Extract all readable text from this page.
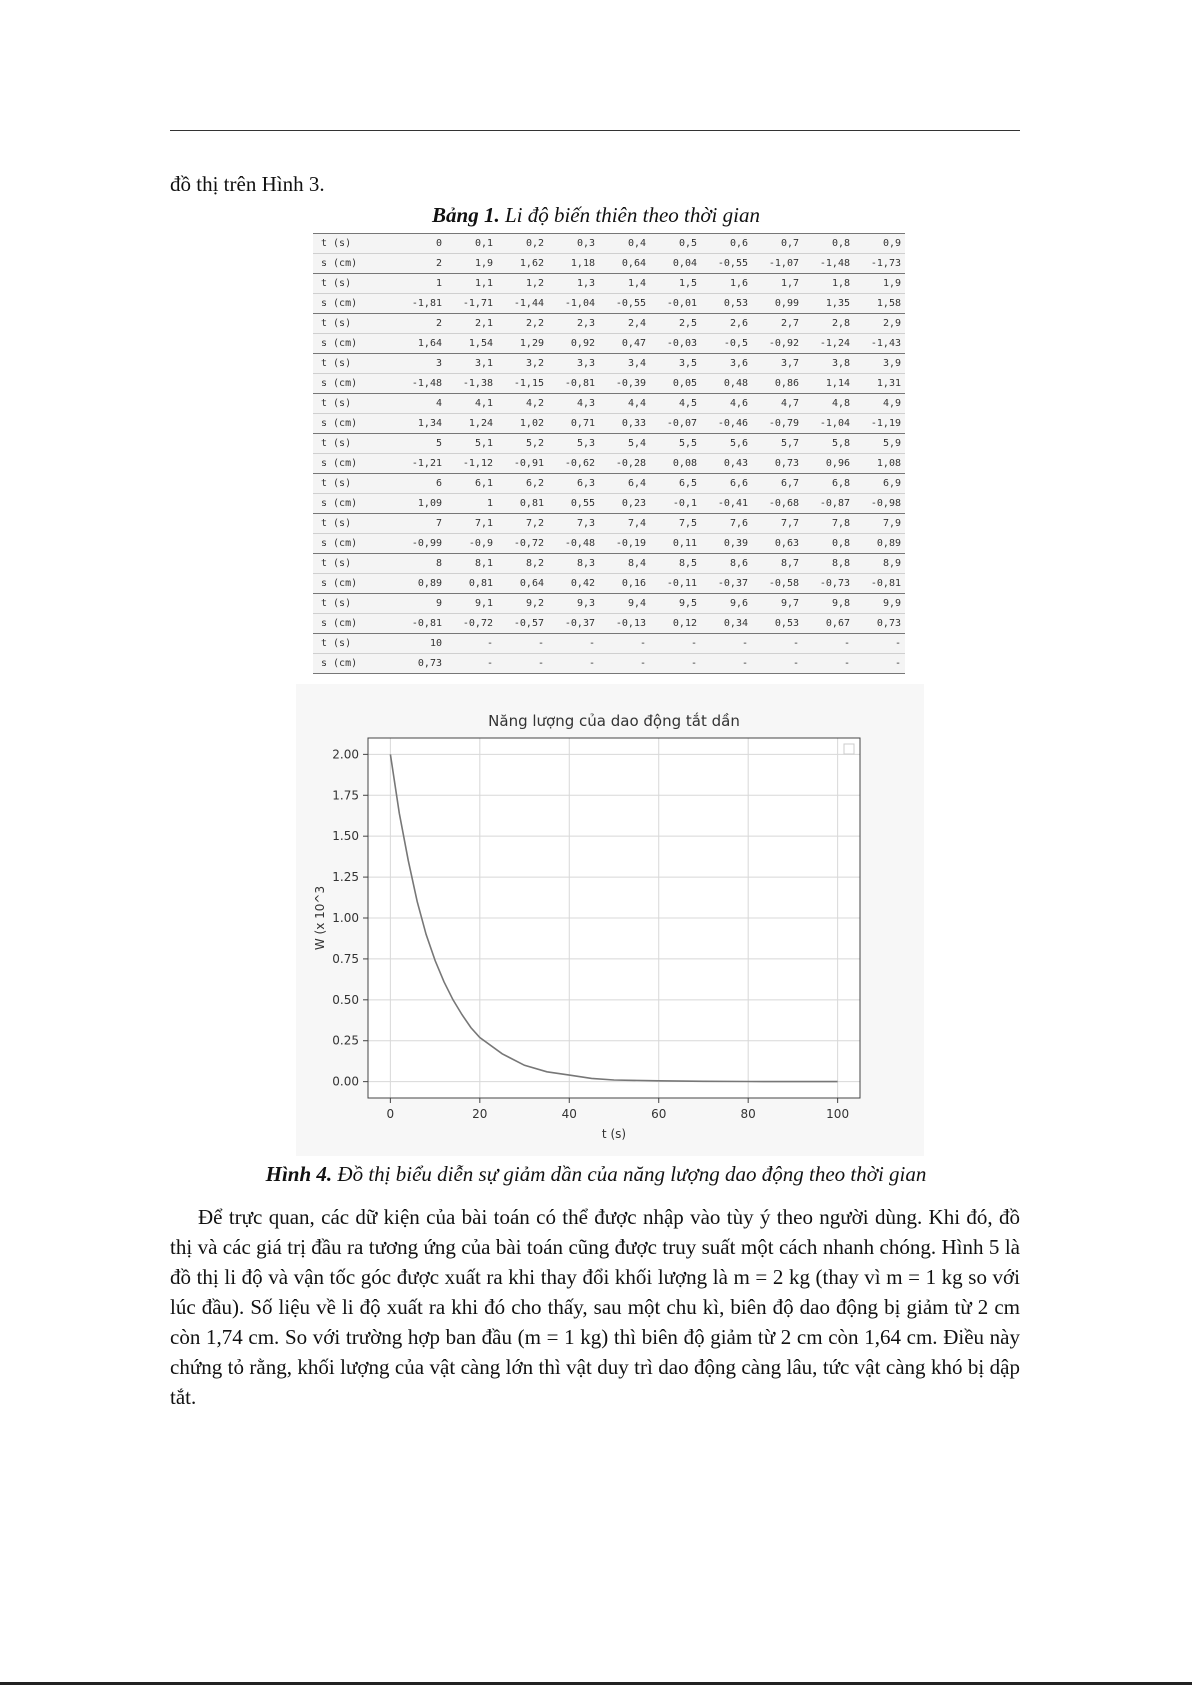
đồ thị trên Hình 3.
Bảng 1. Li độ biến thiên theo thời gian
t (s)	0	0,1	0,2	0,3	0,4	0,5	0,6	0,7	0,8	0,9
s (cm)	2	1,9	1,62	1,18	0,64	0,04	-0,55	-1,07	-1,48	-1,73
t (s)	1	1,1	1,2	1,3	1,4	1,5	1,6	1,7	1,8	1,9
s (cm)	-1,81	-1,71	-1,44	-1,04	-0,55	-0,01	0,53	0,99	1,35	1,58
t (s)	2	2,1	2,2	2,3	2,4	2,5	2,6	2,7	2,8	2,9
s (cm)	1,64	1,54	1,29	0,92	0,47	-0,03	-0,5	-0,92	-1,24	-1,43
t (s)	3	3,1	3,2	3,3	3,4	3,5	3,6	3,7	3,8	3,9
s (cm)	-1,48	-1,38	-1,15	-0,81	-0,39	0,05	0,48	0,86	1,14	1,31
t (s)	4	4,1	4,2	4,3	4,4	4,5	4,6	4,7	4,8	4,9
s (cm)	1,34	1,24	1,02	0,71	0,33	-0,07	-0,46	-0,79	-1,04	-1,19
t (s)	5	5,1	5,2	5,3	5,4	5,5	5,6	5,7	5,8	5,9
s (cm)	-1,21	-1,12	-0,91	-0,62	-0,28	0,08	0,43	0,73	0,96	1,08
t (s)	6	6,1	6,2	6,3	6,4	6,5	6,6	6,7	6,8	6,9
s (cm)	1,09	1	0,81	0,55	0,23	-0,1	-0,41	-0,68	-0,87	-0,98
t (s)	7	7,1	7,2	7,3	7,4	7,5	7,6	7,7	7,8	7,9
s (cm)	-0,99	-0,9	-0,72	-0,48	-0,19	0,11	0,39	0,63	0,8	0,89
t (s)	8	8,1	8,2	8,3	8,4	8,5	8,6	8,7	8,8	8,9
s (cm)	0,89	0,81	0,64	0,42	0,16	-0,11	-0,37	-0,58	-0,73	-0,81
t (s)	9	9,1	9,2	9,3	9,4	9,5	9,6	9,7	9,8	9,9
s (cm)	-0,81	-0,72	-0,57	-0,37	-0,13	0,12	0,34	0,53	0,67	0,73
t (s)	10	-	-	-	-	-	-	-	-	-
s (cm)	0,73	-	-	-	-	-	-	-	-	-
0	20	40	60	80	100
0.00
0.25
0.50
0.75
1.00
1.25
1.50
1.75
2.00
Năng lượng của dao động tắt dần
t (s)
W (x 10^3
Hình 4. Đồ thị biểu diễn sự giảm dần của năng lượng dao động theo thời gian

Để trực quan, các dữ kiện của bài toán có thể được nhập vào tùy ý theo người dùng. Khi đó, đồ thị và các giá trị đầu ra tương ứng của bài toán cũng được truy suất một cách nhanh chóng. Hình 5 là đồ thị li độ và vận tốc góc được xuất ra khi thay đổi khối lượng là m = 2 kg (thay vì m = 1 kg so với lúc đầu). Số liệu về li độ xuất ra khi đó cho thấy, sau một chu kì, biên độ dao động bị giảm từ 2 cm còn 1,74 cm. So với trường hợp ban đầu (m = 1 kg) thì biên độ giảm từ 2 cm còn 1,64 cm. Điều này chứng tỏ rằng, khối lượng của vật càng lớn thì vật duy trì dao động càng lâu, tức vật càng khó bị dập tắt.
